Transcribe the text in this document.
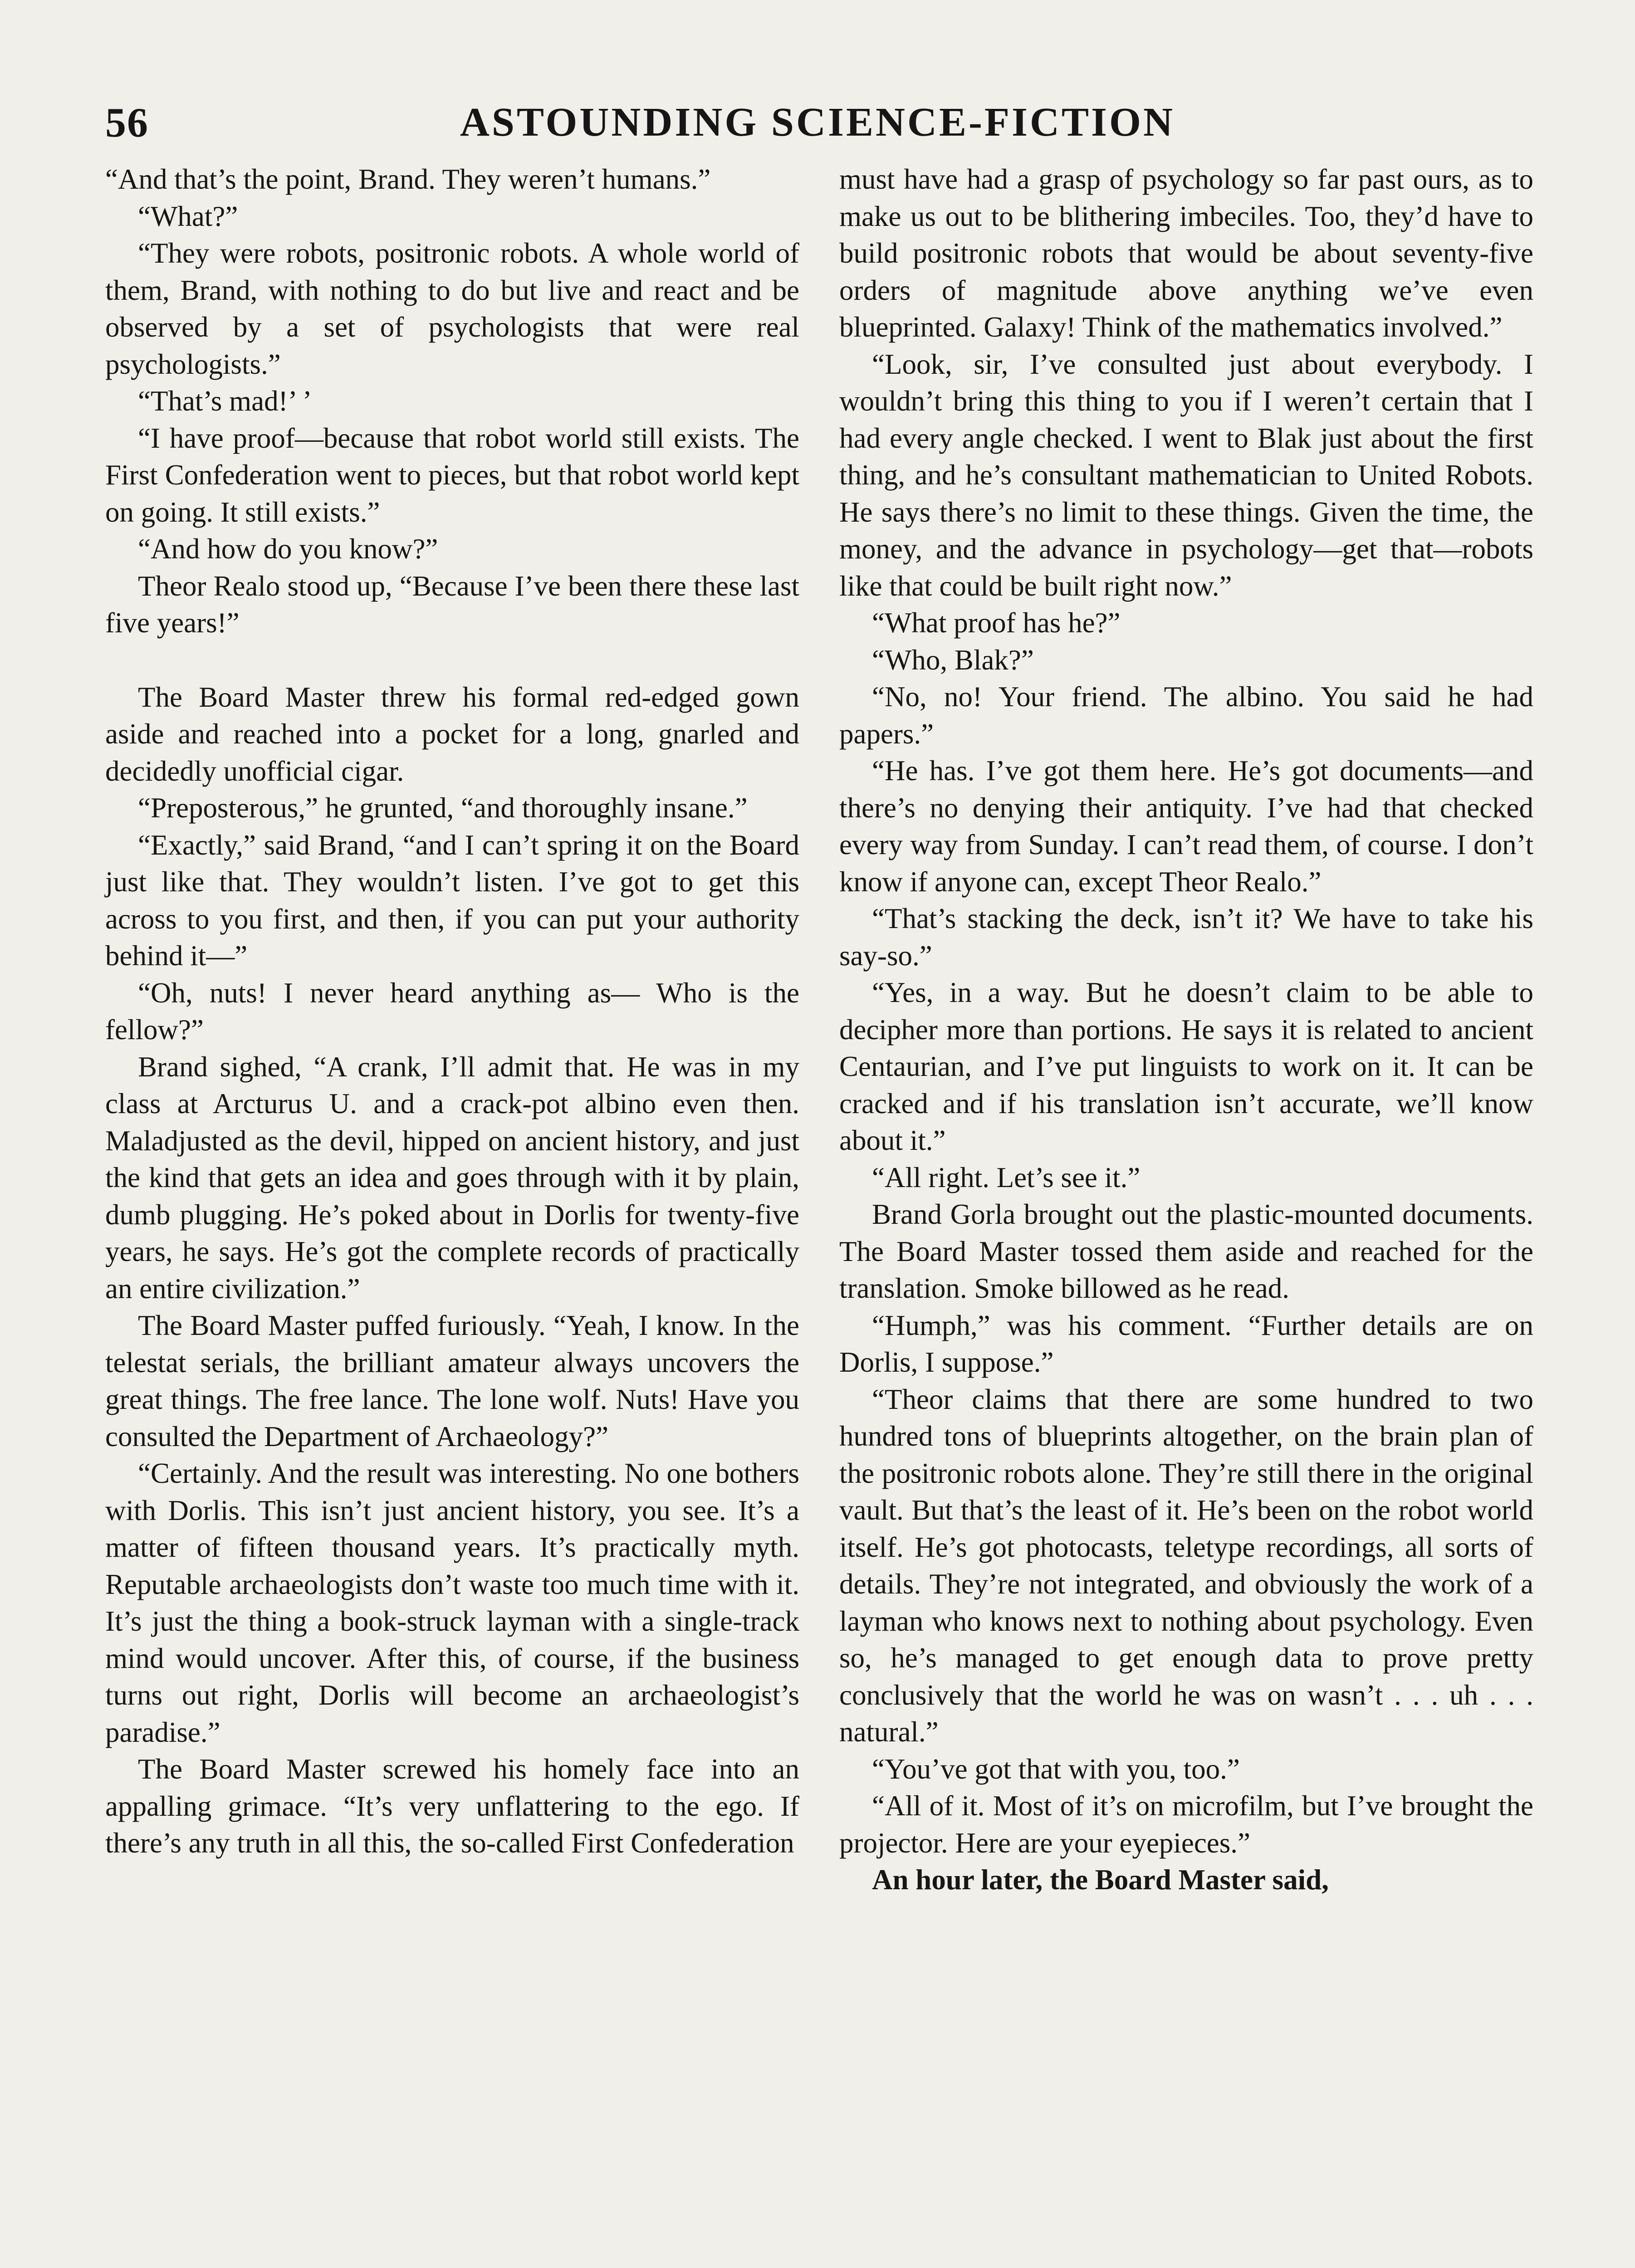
56	ASTOUNDING SCIENCE-FICTION

“And that’s the point, Brand. They weren’t humans.”

“What?”

“They were robots, positronic robots. A whole world of them, Brand, with nothing to do but live and react and be observed by a set of psychologists that were real psychologists.”

“That’s mad!’ ’

“I have proof—because that robot world still exists. The First Confederation went to pieces, but that robot world kept on going. It still exists.”

“And how do you know?”

Theor Realo stood up, “Because I’ve been there these last five years!”

The Board Master threw his formal red-edged gown aside and reached into a pocket for a long, gnarled and decidedly unofficial cigar.

“Preposterous,” he grunted, “and thoroughly insane.”

“Exactly,” said Brand, “and I can’t spring it on the Board just like that. They wouldn’t listen. I’ve got to get this across to you first, and then, if you can put your authority behind it—”

“Oh, nuts! I never heard anything as— Who is the fellow?”

Brand sighed, “A crank, I’ll admit that. He was in my class at Arcturus U. and a crack-pot albino even then. Maladjusted as the devil, hipped on ancient history, and just the kind that gets an idea and goes through with it by plain, dumb plugging. He’s poked about in Dorlis for twenty-five years, he says. He’s got the complete records of practically an entire civilization.”

The Board Master puffed furiously. “Yeah, I know. In the telestat serials, the brilliant amateur always uncovers the great things. The free lance. The lone wolf. Nuts! Have you consulted the Department of Archaeology?”

“Certainly. And the result was interesting. No one bothers with Dorlis. This isn’t just ancient history, you see. It’s a matter of fifteen thousand years. It’s practically myth. Reputable archaeologists don’t waste too much time with it. It’s just the thing a book-struck layman with a single-track mind would uncover. After this, of course, if the business turns out right, Dorlis will become an archaeologist’s paradise.”

The Board Master screwed his homely face into an appalling grimace. “It’s very unflattering to the ego. If there’s any truth in all this, the so-called First Confederation

must have had a grasp of psychology so far past ours, as to make us out to be blithering imbeciles. Too, they’d have to build positronic robots that would be about seventy-five orders of magnitude above anything we’ve even blueprinted. Galaxy! Think of the mathematics involved.”

“Look, sir, I’ve consulted just about everybody. I wouldn’t bring this thing to you if I weren’t certain that I had every angle checked. I went to Blak just about the first thing, and he’s consultant mathematician to United Robots. He says there’s no limit to these things. Given the time, the money, and the advance in psychology—get that—robots like that could be built right now.”

“What proof has he?”

“Who, Blak?”

“No, no! Your friend. The albino. You said he had papers.”

“He has. I’ve got them here. He’s got documents—and there’s no denying their antiquity. I’ve had that checked every way from Sunday. I can’t read them, of course. I don’t know if anyone can, except Theor Realo.”

“That’s stacking the deck, isn’t it? We have to take his say-so.”

“Yes, in a way. But he doesn’t claim to be able to decipher more than portions. He says it is related to ancient Centaurian, and I’ve put linguists to work on it. It can be cracked and if his translation isn’t accurate, we’ll know about it.”

“All right. Let’s see it.”

Brand Gorla brought out the plastic-mounted documents. The Board Master tossed them aside and reached for the translation. Smoke billowed as he read.

“Humph,” was his comment. “Further details are on Dorlis, I suppose.”

“Theor claims that there are some hundred to two hundred tons of blueprints altogether, on the brain plan of the positronic robots alone. They’re still there in the original vault. But that’s the least of it. He’s been on the robot world itself. He’s got photocasts, teletype recordings, all sorts of details. They’re not integrated, and obviously the work of a layman who knows next to nothing about psychology. Even so, he’s managed to get enough data to prove pretty conclusively that the world he was on wasn’t . . . uh . . . natural.”

“You’ve got that with you, too.”

“All of it. Most of it’s on microfilm, but I’ve brought the projector. Here are your eyepieces.”

An hour later, the Board Master said,
